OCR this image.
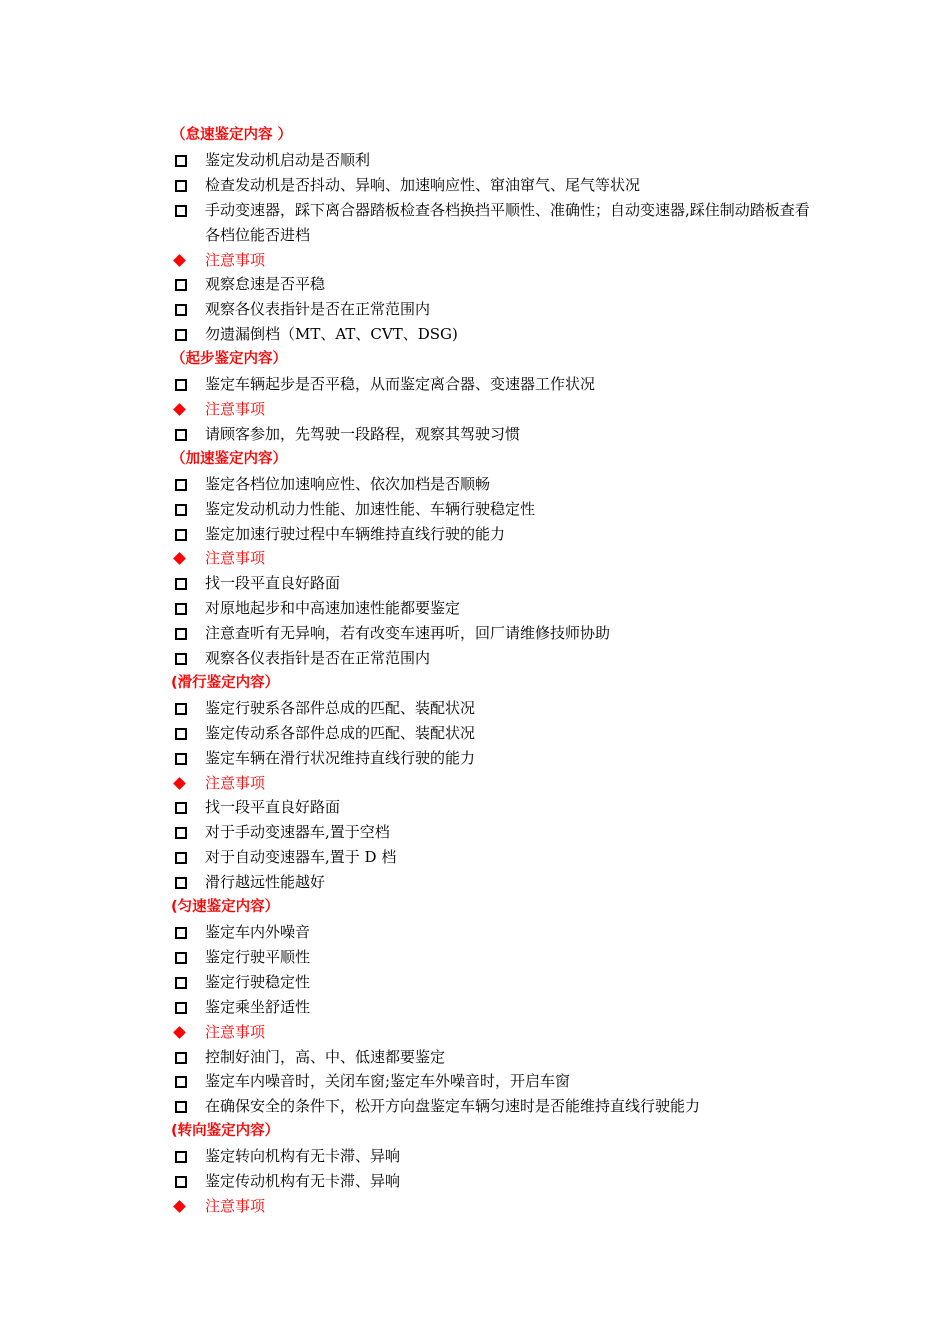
（怠速鉴定内容 ）
鉴定发动机启动是否顺利
检查发动机是否抖动、异响、加速响应性、窜油窜气、尾气等状况
手动变速器，踩下离合器踏板检查各档换挡平顺性、准确性；自动变速器,踩住制动踏板查看各档位能否进档
注意事项
观察怠速是否平稳
观察各仪表指针是否在正常范围内
勿遗漏倒档（MT、AT、CVT、DSG)
（起步鉴定内容）
鉴定车辆起步是否平稳，从而鉴定离合器、变速器工作状况
注意事项
请顾客参加，先驾驶一段路程，观察其驾驶习惯
（加速鉴定内容）
鉴定各档位加速响应性、依次加档是否顺畅
鉴定发动机动力性能、加速性能、车辆行驶稳定性
鉴定加速行驶过程中车辆维持直线行驶的能力
注意事项
找一段平直良好路面
对原地起步和中高速加速性能都要鉴定
注意查听有无异响，若有改变车速再听，回厂请维修技师协助
观察各仪表指针是否在正常范围内
(滑行鉴定内容）
鉴定行驶系各部件总成的匹配、装配状况
鉴定传动系各部件总成的匹配、装配状况
鉴定车辆在滑行状况维持直线行驶的能力
注意事项
找一段平直良好路面
对于手动变速器车,置于空档
对于自动变速器车,置于 D 档
滑行越远性能越好
(匀速鉴定内容）
鉴定车内外噪音
鉴定行驶平顺性
鉴定行驶稳定性
鉴定乘坐舒适性
注意事项
控制好油门，高、中、低速都要鉴定
鉴定车内噪音时，关闭车窗;鉴定车外噪音时，开启车窗
在确保安全的条件下，松开方向盘鉴定车辆匀速时是否能维持直线行驶能力
(转向鉴定内容）
鉴定转向机构有无卡滞、异响
鉴定传动机构有无卡滞、异响
注意事项
